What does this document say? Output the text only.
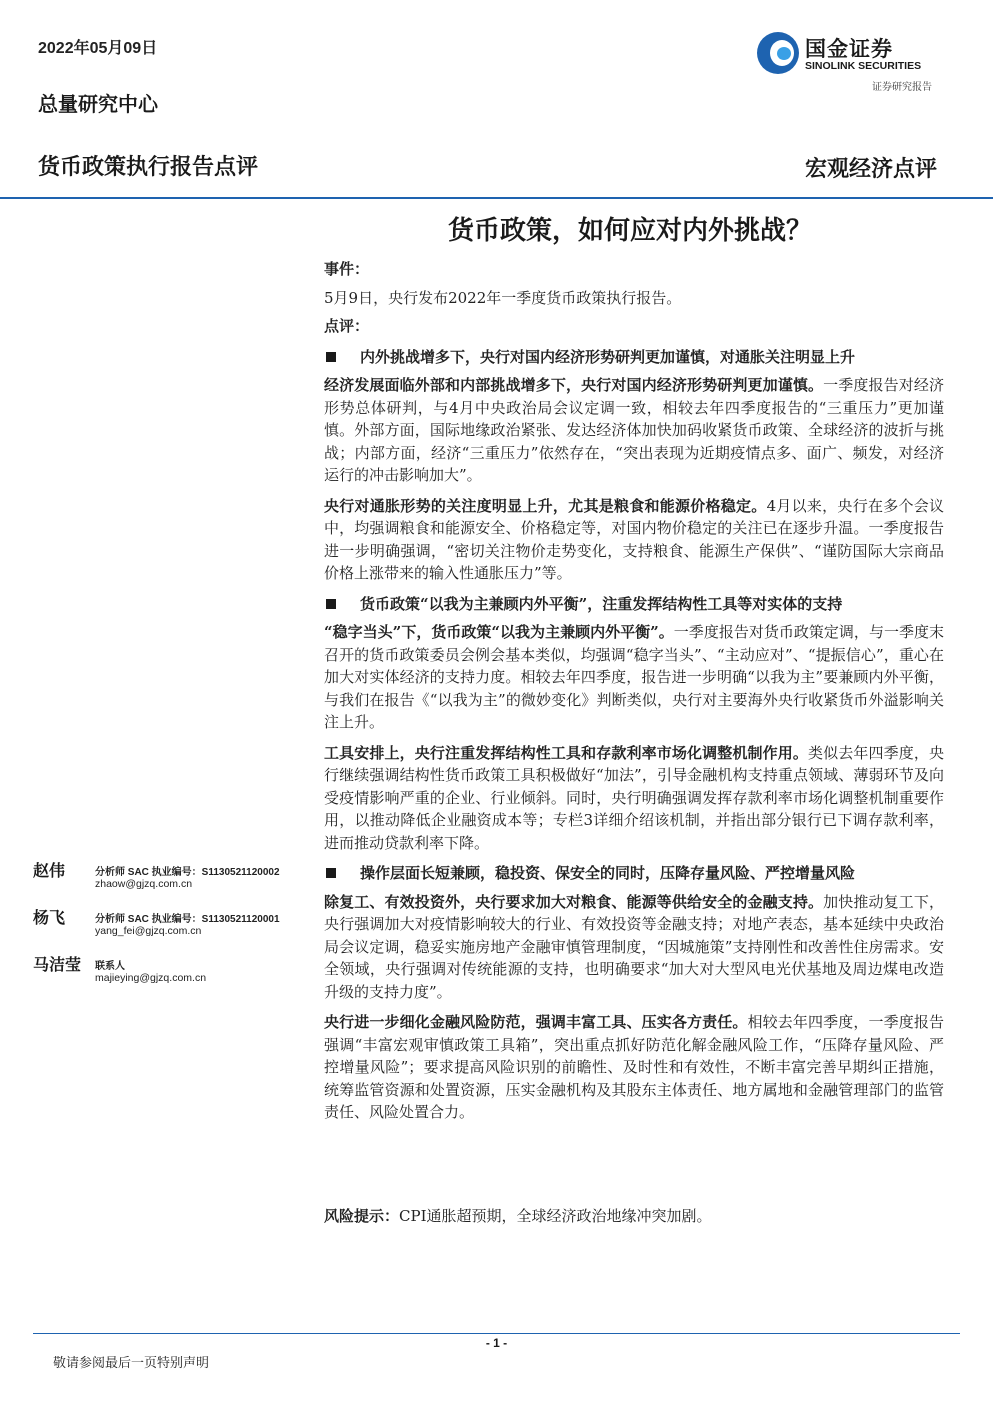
2022年05月09日	国金证券
SINOLINK SECURITIES
证券研究报告
总量研究中心
货币政策执行报告点评	宏观经济点评
货币政策，如何应对内外挑战？
事件：
5月9日，央行发布2022年一季度货币政策执行报告。
点评：
内外挑战增多下，央行对国内经济形势研判更加谨慎，对通胀关注明显上升

经济发展面临外部和内部挑战增多下，央行对国内经济形势研判更加谨慎。一季度报告对经济形势总体研判，与4月中央政治局会议定调一致，相较去年四季度报告的“三重压力”更加谨慎。外部方面，国际地缘政治紧张、发达经济体加快加码收紧货币政策、全球经济的波折与挑战；内部方面，经济“三重压力”依然存在，“突出表现为近期疫情点多、面广、频发，对经济运行的冲击影响加大”。

央行对通胀形势的关注度明显上升，尤其是粮食和能源价格稳定。4月以来，央行在多个会议中，均强调粮食和能源安全、价格稳定等，对国内物价稳定的关注已在逐步升温。一季度报告进一步明确强调，“密切关注物价走势变化，支持粮食、能源生产保供”、“谨防国际大宗商品价格上涨带来的输入性通胀压力”等。

货币政策“以我为主兼顾内外平衡”，注重发挥结构性工具等对实体的支持

“稳字当头”下，货币政策“以我为主兼顾内外平衡”。一季度报告对货币政策定调，与一季度末召开的货币政策委员会例会基本类似，均强调“稳字当头”、“主动应对”、“提振信心”，重心在加大对实体经济的支持力度。相较去年四季度，报告进一步明确“以我为主”要兼顾内外平衡，与我们在报告《“以我为主”的微妙变化》判断类似，央行对主要海外央行收紧货币外溢影响关注上升。

工具安排上，央行注重发挥结构性工具和存款利率市场化调整机制作用。类似去年四季度，央行继续强调结构性货币政策工具积极做好“加法”，引导金融机构支持重点领域、薄弱环节及向受疫情影响严重的企业、行业倾斜。同时，央行明确强调发挥存款利率市场化调整机制重要作用，以推动降低企业融资成本等；专栏3详细介绍该机制，并指出部分银行已下调存款利率，进而推动贷款利率下降。

操作层面长短兼顾，稳投资、保安全的同时，压降存量风险、严控增量风险

除复工、有效投资外，央行要求加大对粮食、能源等供给安全的金融支持。加快推动复工下，央行强调加大对疫情影响较大的行业、有效投资等金融支持；对地产表态，基本延续中央政治局会议定调，稳妥实施房地产金融审慎管理制度，“因城施策”支持刚性和改善性住房需求。安全领域，央行强调对传统能源的支持，也明确要求“加大对大型风电光伏基地及周边煤电改造升级的支持力度”。

央行进一步细化金融风险防范，强调丰富工具、压实各方责任。相较去年四季度，一季度报告强调“丰富宏观审慎政策工具箱”，突出重点抓好防范化解金融风险工作，“压降存量风险、严控增量风险”；要求提高风险识别的前瞻性、及时性和有效性，不断丰富完善早期纠正措施，统筹监管资源和处置资源，压实金融机构及其股东主体责任、地方属地和金融管理部门的监管责任、风险处置合力。

风险提示：CPI通胀超预期，全球经济政治地缘冲突加剧。
赵伟	分析师 SAC 执业编号：S1130521120002
zhaow@gjzq.com.cn
杨飞	分析师 SAC 执业编号：S1130521120001
yang_fei@gjzq.com.cn
马洁莹 联系人
majieying@gjzq.com.cn
- 1 -
敬请参阅最后一页特别声明
